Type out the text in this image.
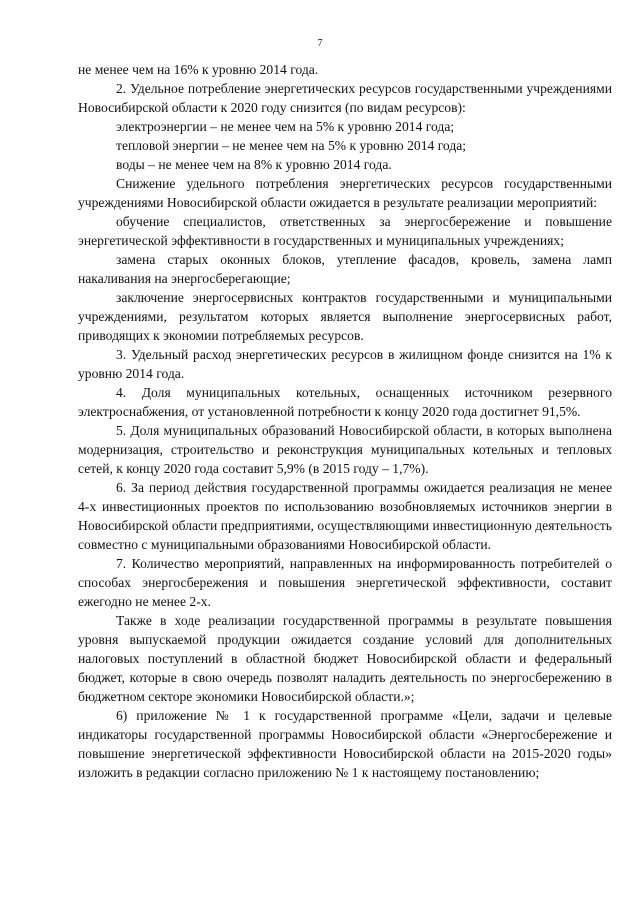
7

не менее чем на 16% к уровню 2014 года.

2. Удельное потребление энергетических ресурсов государственными учреждениями Новосибирской области к 2020 году снизится (по видам ресурсов):

электроэнергии – не менее чем на 5% к уровню 2014 года;

тепловой энергии – не менее чем на 5% к уровню 2014 года;

воды – не менее чем на 8% к уровню 2014 года.

Снижение удельного потребления энергетических ресурсов государственными учреждениями Новосибирской области ожидается в результате реализации мероприятий:

обучение специалистов, ответственных за энергосбережение и повышение энергетической эффективности в государственных и муниципальных учреждениях;

замена старых оконных блоков, утепление фасадов, кровель, замена ламп накаливания на энергосберегающие;

заключение энергосервисных контрактов государственными и муниципальными учреждениями, результатом которых является выполнение энергосервисных работ, приводящих к экономии потребляемых ресурсов.

3. Удельный расход энергетических ресурсов в жилищном фонде снизится на 1% к уровню 2014 года.

4. Доля муниципальных котельных, оснащенных источником резервного электроснабжения, от установленной потребности к концу 2020 года достигнет 91,5%.

5. Доля муниципальных образований Новосибирской области, в которых выполнена модернизация, строительство и реконструкция муниципальных котельных и тепловых сетей, к концу 2020 года составит 5,9% (в 2015 году – 1,7%).

6. За период действия государственной программы ожидается реализация не менее 4-х инвестиционных проектов по использованию возобновляемых источников энергии в Новосибирской области предприятиями, осуществляющими инвестиционную деятельность совместно с муниципальными образованиями Новосибирской области.

7. Количество мероприятий, направленных на информированность потребителей о способах энергосбережения и повышения энергетической эффективности, составит ежегодно не менее 2-х.

Также в ходе реализации государственной программы в результате повышения уровня выпускаемой продукции ожидается создание условий для дополнительных налоговых поступлений в областной бюджет Новосибирской области и федеральный бюджет, которые в свою очередь позволят наладить деятельность по энергосбережению в бюджетном секторе экономики Новосибирской области.»;

6) приложение № 1 к государственной программе «Цели, задачи и целевые индикаторы государственной программы Новосибирской области «Энергосбережение и повышение энергетической эффективности Новосибирской области на 2015-2020 годы» изложить в редакции согласно приложению № 1 к настоящему постановлению;
